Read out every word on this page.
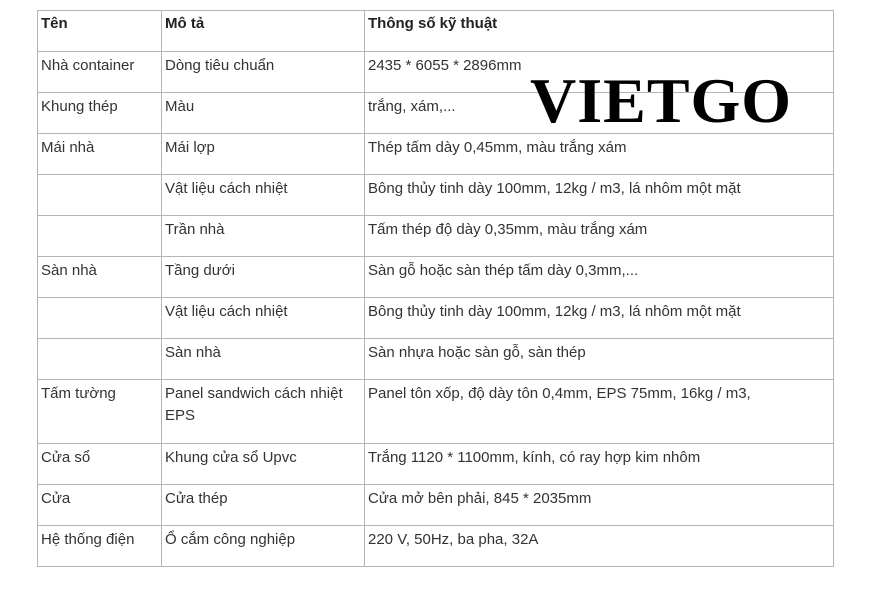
Tên	Mô tả	Thông số kỹ thuật
Nhà container	Dòng tiêu chuẩn	2435 * 6055 * 2896mm
Khung thép	Màu	trắng, xám,...
Mái nhà	Mái lợp	Thép tấm dày 0,45mm, màu trắng xám
	Vật liệu cách nhiệt	Bông thủy tinh dày 100mm, 12kg / m3, lá nhôm một mặt
	Trần nhà	Tấm thép độ dày 0,35mm, màu trắng xám
Sàn nhà	Tầng dưới	Sàn gỗ hoặc sàn thép tấm dày 0,3mm,...
	Vật liệu cách nhiệt	Bông thủy tinh dày 100mm, 12kg / m3, lá nhôm một mặt
	Sàn nhà	Sàn nhựa hoặc sàn gỗ, sàn thép
Tấm tường	Panel sandwich cách nhiệt EPS	Panel tôn xốp, độ dày tôn 0,4mm, EPS 75mm, 16kg / m3,
Cửa sổ	Khung cửa sổ Upvc	Trắng 1120 * 1100mm, kính, có ray hợp kim nhôm
Cửa	Cửa thép	Cửa mở bên phải, 845 * 2035mm
Hệ thống điện	Ổ cắm công nghiệp	220 V, 50Hz, ba pha, 32A
VIETGO
